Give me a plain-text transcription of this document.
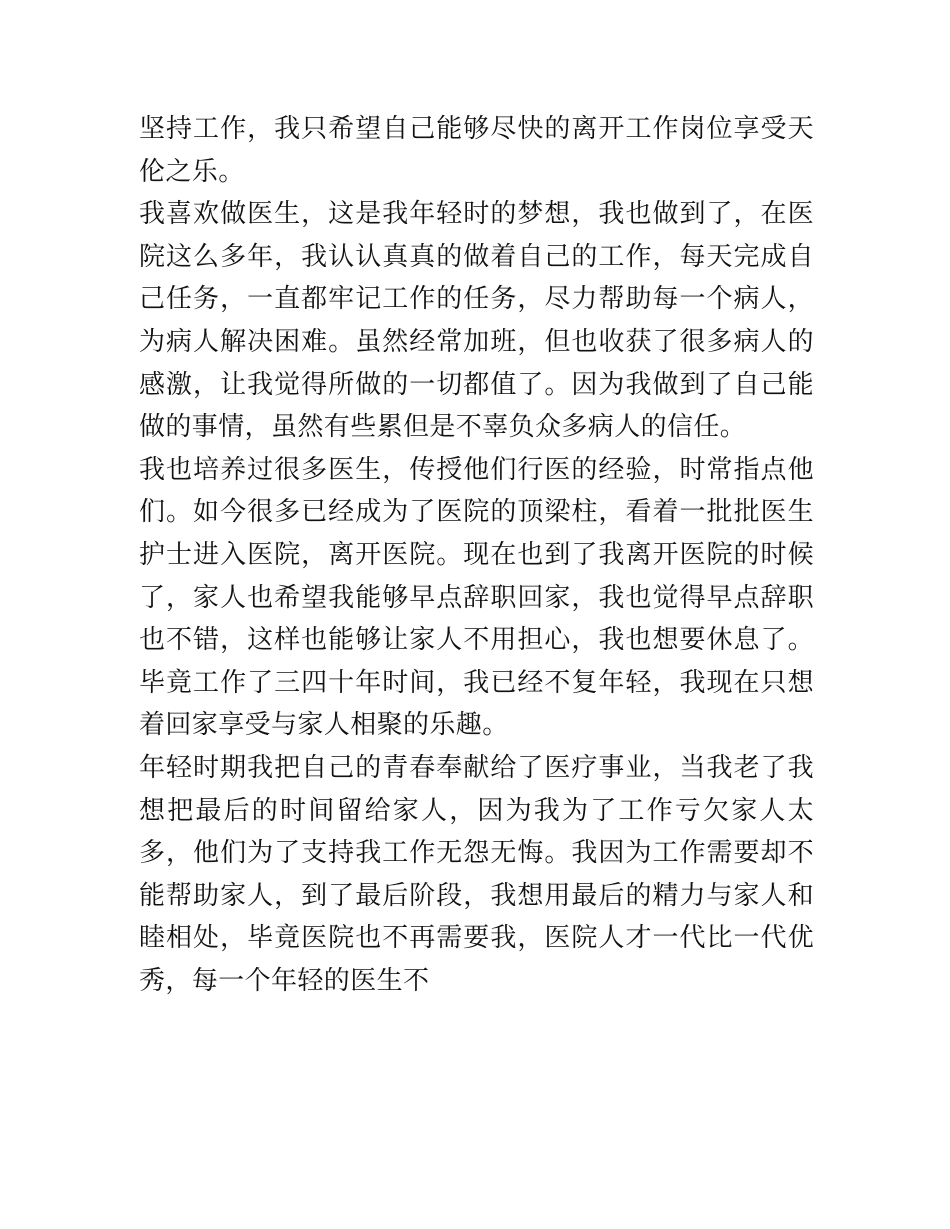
坚持工作，我只希望自己能够尽快的离开工作岗位享受天伦之乐。

我喜欢做医生，这是我年轻时的梦想，我也做到了，在医院这么多年，我认认真真的做着自己的工作，每天完成自己任务，一直都牢记工作的任务，尽力帮助每一个病人，为病人解决困难。虽然经常加班，但也收获了很多病人的感激，让我觉得所做的一切都值了。因为我做到了自己能做的事情，虽然有些累但是不辜负众多病人的信任。

我也培养过很多医生，传授他们行医的经验，时常指点他们。如今很多已经成为了医院的顶梁柱，看着一批批医生护士进入医院，离开医院。现在也到了我离开医院的时候了，家人也希望我能够早点辞职回家，我也觉得早点辞职也不错，这样也能够让家人不用担心，我也想要休息了。毕竟工作了三四十年时间，我已经不复年轻，我现在只想着回家享受与家人相聚的乐趣。

年轻时期我把自己的青春奉献给了医疗事业，当我老了我想把最后的时间留给家人，因为我为了工作亏欠家人太多，他们为了支持我工作无怨无悔。我因为工作需要却不能帮助家人，到了最后阶段，我想用最后的精力与家人和睦相处，毕竟医院也不再需要我，医院人才一代比一代优秀，每一个年轻的医生不
